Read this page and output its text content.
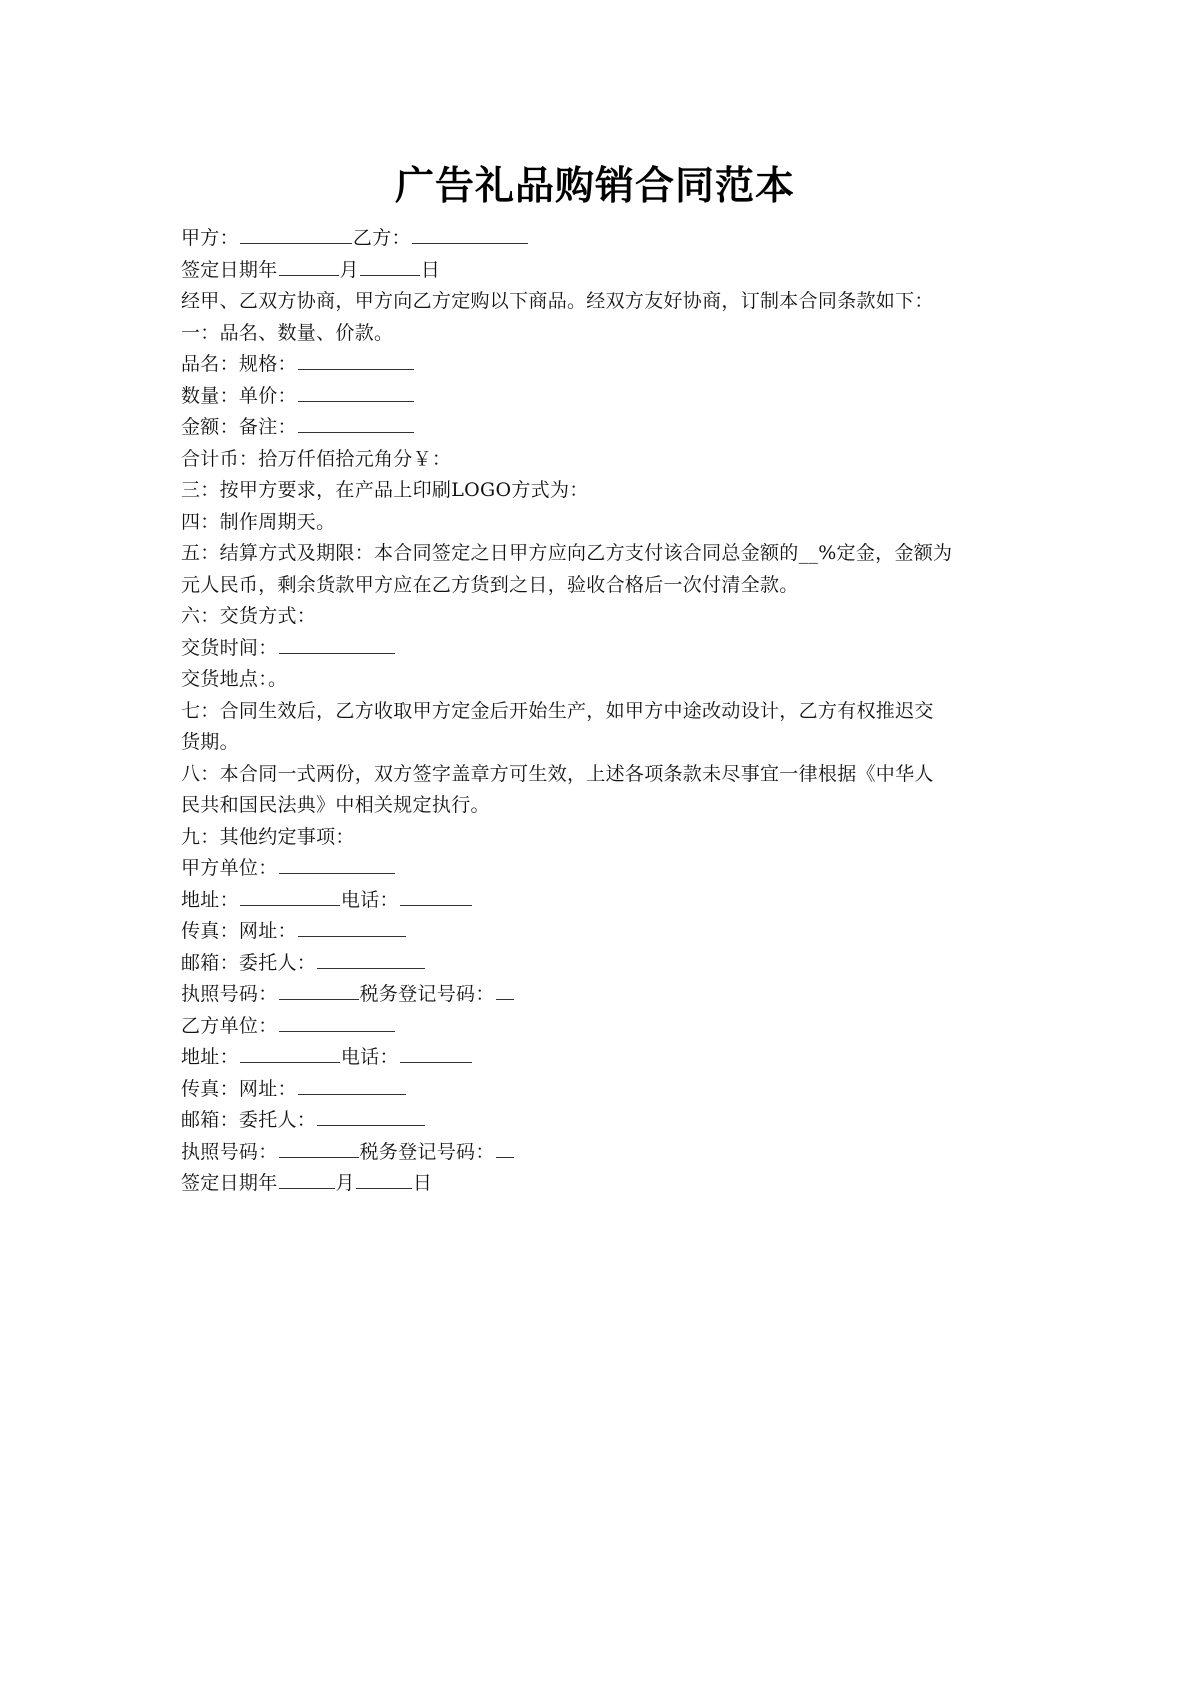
广告礼品购销合同范本
甲方：	乙方：
签定日期年	月	日
经甲、乙双方协商，甲方向乙方定购以下商品。经双方友好协商，订制本合同条款如下：
一：品名、数量、价款。
品名：规格：
数量：单价：
金额：备注：
合计币：拾万仟佰拾元角分￥：
三：按甲方要求，在产品上印刷LOGO方式为：
四：制作周期天。
五：结算方式及期限：本合同签定之日甲方应向乙方支付该合同总金额的__%定金，金额为
元人民币，剩余货款甲方应在乙方货到之日，验收合格后一次付清全款。
六：交货方式：
交货时间：
交货地点：。
七：合同生效后，乙方收取甲方定金后开始生产，如甲方中途改动设计，乙方有权推迟交
货期。
八：本合同一式两份，双方签字盖章方可生效，上述各项条款未尽事宜一律根据《中华人
民共和国民法典》中相关规定执行。
九：其他约定事项：
甲方单位：
地址：	电话：
传真：网址：
邮箱：委托人：
执照号码：	税务登记号码：
乙方单位：
地址：	电话：
传真：网址：
邮箱：委托人：
执照号码：	税务登记号码：
签定日期年	月	日
